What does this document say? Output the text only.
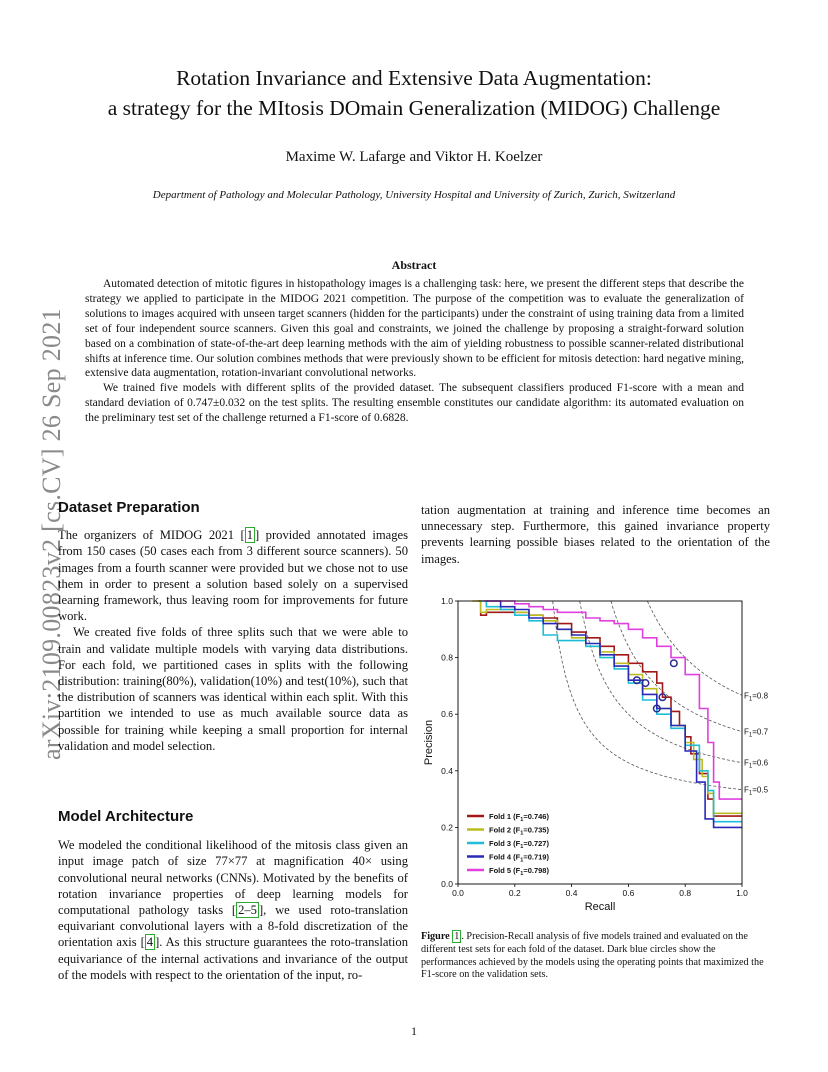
Rotation Invariance and Extensive Data Augmentation:
a strategy for the MItosis DOmain Generalization (MIDOG) Challenge
Maxime W. Lafarge and Viktor H. Koelzer
Department of Pathology and Molecular Pathology, University Hospital and University of Zurich, Zurich, Switzerland
Abstract

Automated detection of mitotic figures in histopathology images is a challenging task: here, we present the different steps that describe the strategy we applied to participate in the MIDOG 2021 competition. The purpose of the competition was to evaluate the generalization of solutions to images acquired with unseen target scanners (hidden for the participants) under the constraint of using training data from a limited set of four independent source scanners. Given this goal and constraints, we joined the challenge by proposing a straight-forward solution based on a combination of state-of-the-art deep learning methods with the aim of yielding robustness to possible scanner-related distributional shifts at inference time. Our solution combines methods that were previously shown to be efficient for mitosis detection: hard negative mining, extensive data augmentation, rotation-invariant convolutional networks.

We trained five models with different splits of the provided dataset. The subsequent classifiers produced F1-score with a mean and standard deviation of 0.747±0.032 on the test splits. The resulting ensemble constitutes our candidate algorithm: its automated evaluation on the preliminary test set of the challenge returned a F1-score of 0.6828.

arXiv:2109.00823v2 [cs.CV] 26 Sep 2021
Dataset Preparation

The organizers of MIDOG 2021 [ 1 ] provided annotated images from 150 cases (50 cases each from 3 different source scanners). 50 images from a fourth scanner were provided but we chose not to use them in order to present a solution based solely on a supervised learning framework, thus leaving room for improvements for future work.

We created five folds of three splits such that we were able to train and validate multiple models with varying data distributions. For each fold, we partitioned cases in splits with the following distribution: training(80%), validation(10%) and test(10%), such that the distribution of scanners was identical within each split. With this partition we intended to use as much available source data as possible for training while keeping a small proportion for internal validation and model selection.

Model Architecture

We modeled the conditional likelihood of the mitosis class given an input image patch of size 77×77 at magnification 40× using convolutional neural networks (CNNs). Motivated by the benefits of rotation invariance properties of deep learning models for computational pathology tasks [ 2–5 ], we used roto-translation equivariant convolutional layers with a 8-fold discretization of the orientation axis [ 4 ]. As this structure guarantees the roto-translation equivariance of the internal activations and invariance of the output of the models with respect to the orientation of the input, ro-

tation augmentation at training and inference time becomes an unnecessary step. Furthermore, this gained invariance property prevents learning possible biases related to the orientation of the images.
$F_1=0.8$
$F_1=0.7$
$F_1=0.6$
$F_1=0.5$
0.0	0.2	0.4	0.6	0.8	1.0
0.0
0.2
0.4
0.6
0.8
1.0
Recall
Precision
Fold 1 $(F_1=0.746)$
Fold 2 $(F_1=0.735)$
Fold 3 $(F_1=0.727)$
Fold 4 $(F_1=0.719)$
Fold 5 $(F_1=0.798)$
Figure 1 . Precision-Recall analysis of five models trained and evaluated on the different test sets for each fold of the dataset. Dark blue circles show the performances achieved by the models using the operating points that maximized the F1-score on the validation sets.
1
